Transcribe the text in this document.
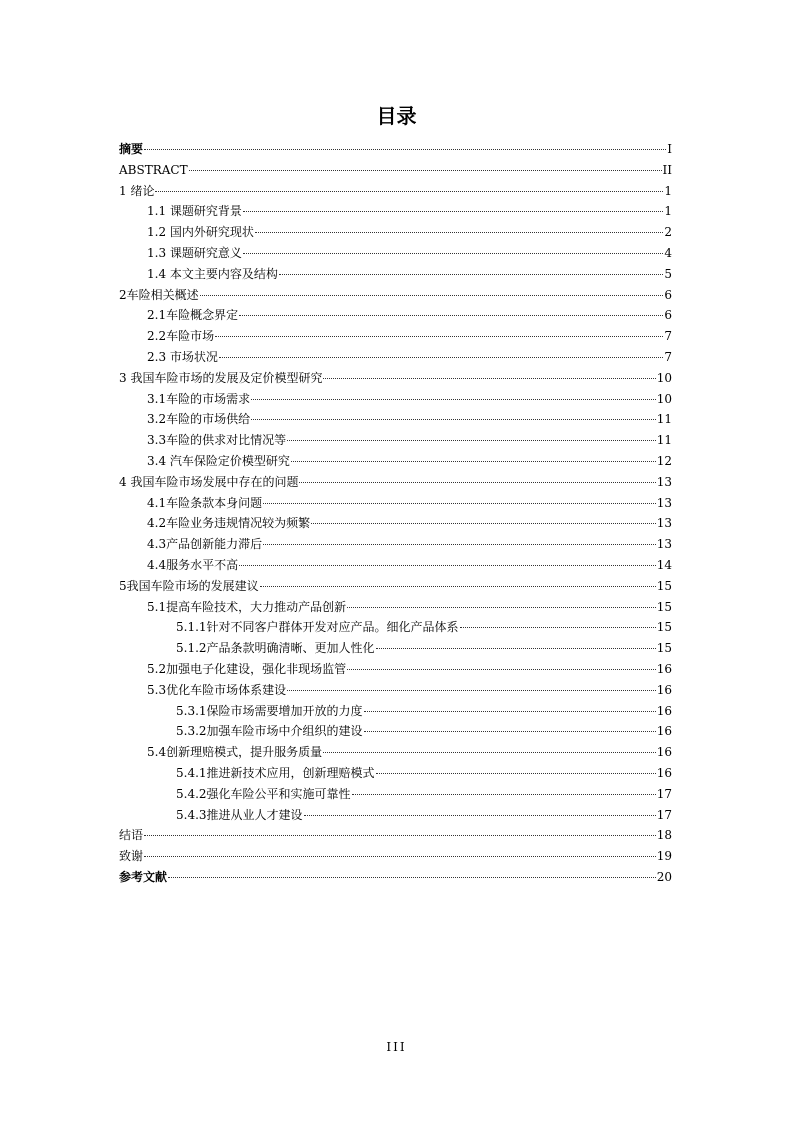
目录
摘要	I
ABSTRACT	II
1 绪论	1
1.1 课题研究背景	1
1.2 国内外研究现状	2
1.3 课题研究意义	4
1.4 本文主要内容及结构	5
2车险相关概述	6
2.1车险概念界定	6
2.2车险市场	7
2.3 市场状况	7
3 我国车险市场的发展及定价模型研究	10
3.1车险的市场需求	10
3.2车险的市场供给	11
3.3车险的供求对比情况等	11
3.4 汽车保险定价模型研究	12
4 我国车险市场发展中存在的问题	13
4.1车险条款本身问题	13
4.2车险业务违规情况较为频繁	13
4.3产品创新能力滞后	13
4.4服务水平不高	14
5我国车险市场的发展建议	15
5.1提高车险技术，大力推动产品创新	15
5.1.1针对不同客户群体开发对应产品。细化产品体系	15
5.1.2产品条款明确清晰、更加人性化	15
5.2加强电子化建设，强化非现场监管	16
5.3优化车险市场体系建设	16
5.3.1保险市场需要增加开放的力度	16
5.3.2加强车险市场中介组织的建设	16
5.4创新理赔模式，提升服务质量	16
5.4.1推进新技术应用，创新理赔模式	16
5.4.2强化车险公平和实施可靠性	17
5.4.3推进从业人才建设	17
结语	18
致谢	19
参考文献	20
III
